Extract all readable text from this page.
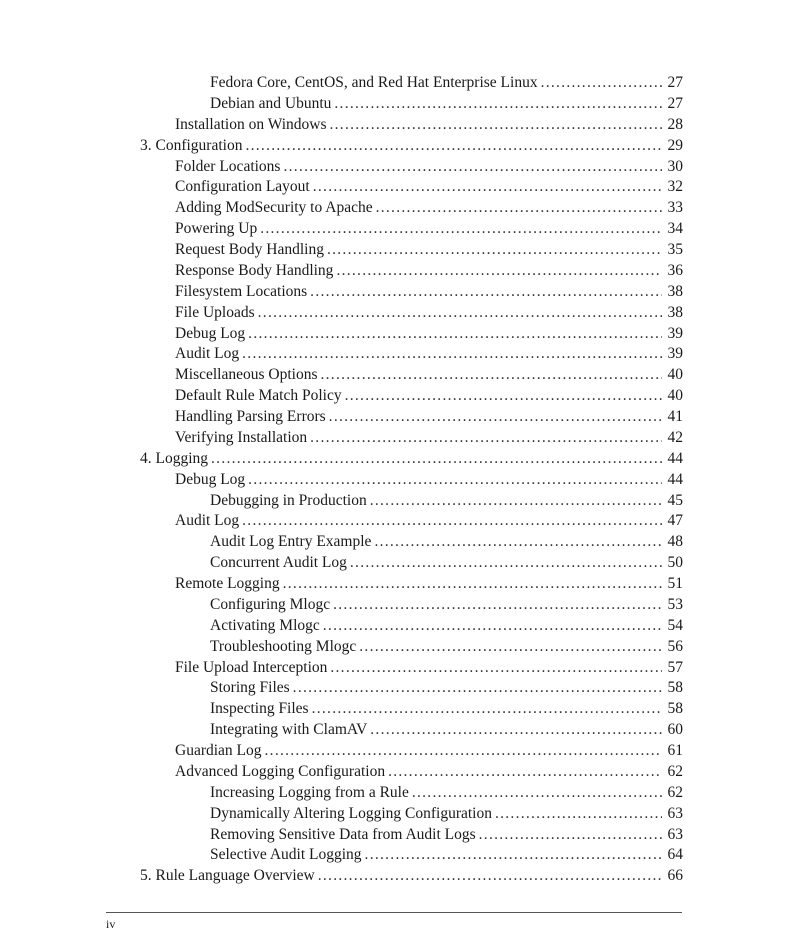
Fedora Core, CentOS, and Red Hat Enterprise Linux . . .	27
Debian and Ubuntu . . .	27
Installation on Windows . . .	28
3. Configuration . . .	29
Folder Locations . . .	30
Configuration Layout . . .	32
Adding ModSecurity to Apache . . .	33
Powering Up . . .	34
Request Body Handling . . .	35
Response Body Handling . . .	36
Filesystem Locations . . .	38
File Uploads . . .	38
Debug Log . . .	39
Audit Log . . .	39
Miscellaneous Options . . .	40
Default Rule Match Policy . . .	40
Handling Parsing Errors . . .	41
Verifying Installation . . .	42
4. Logging . . .	44
Debug Log . . .	44
Debugging in Production . . .	45
Audit Log . . .	47
Audit Log Entry Example . . .	48
Concurrent Audit Log . . .	50
Remote Logging . . .	51
Configuring Mlogc . . .	53
Activating Mlogc . . .	54
Troubleshooting Mlogc . . .	56
File Upload Interception . . .	57
Storing Files . . .	58
Inspecting Files . . .	58
Integrating with ClamAV . . .	60
Guardian Log . . .	61
Advanced Logging Configuration . . .	62
Increasing Logging from a Rule . . .	62
Dynamically Altering Logging Configuration . . .	63
Removing Sensitive Data from Audit Logs . . .	63
Selective Audit Logging . . .	64
5. Rule Language Overview . . .	66
iv
